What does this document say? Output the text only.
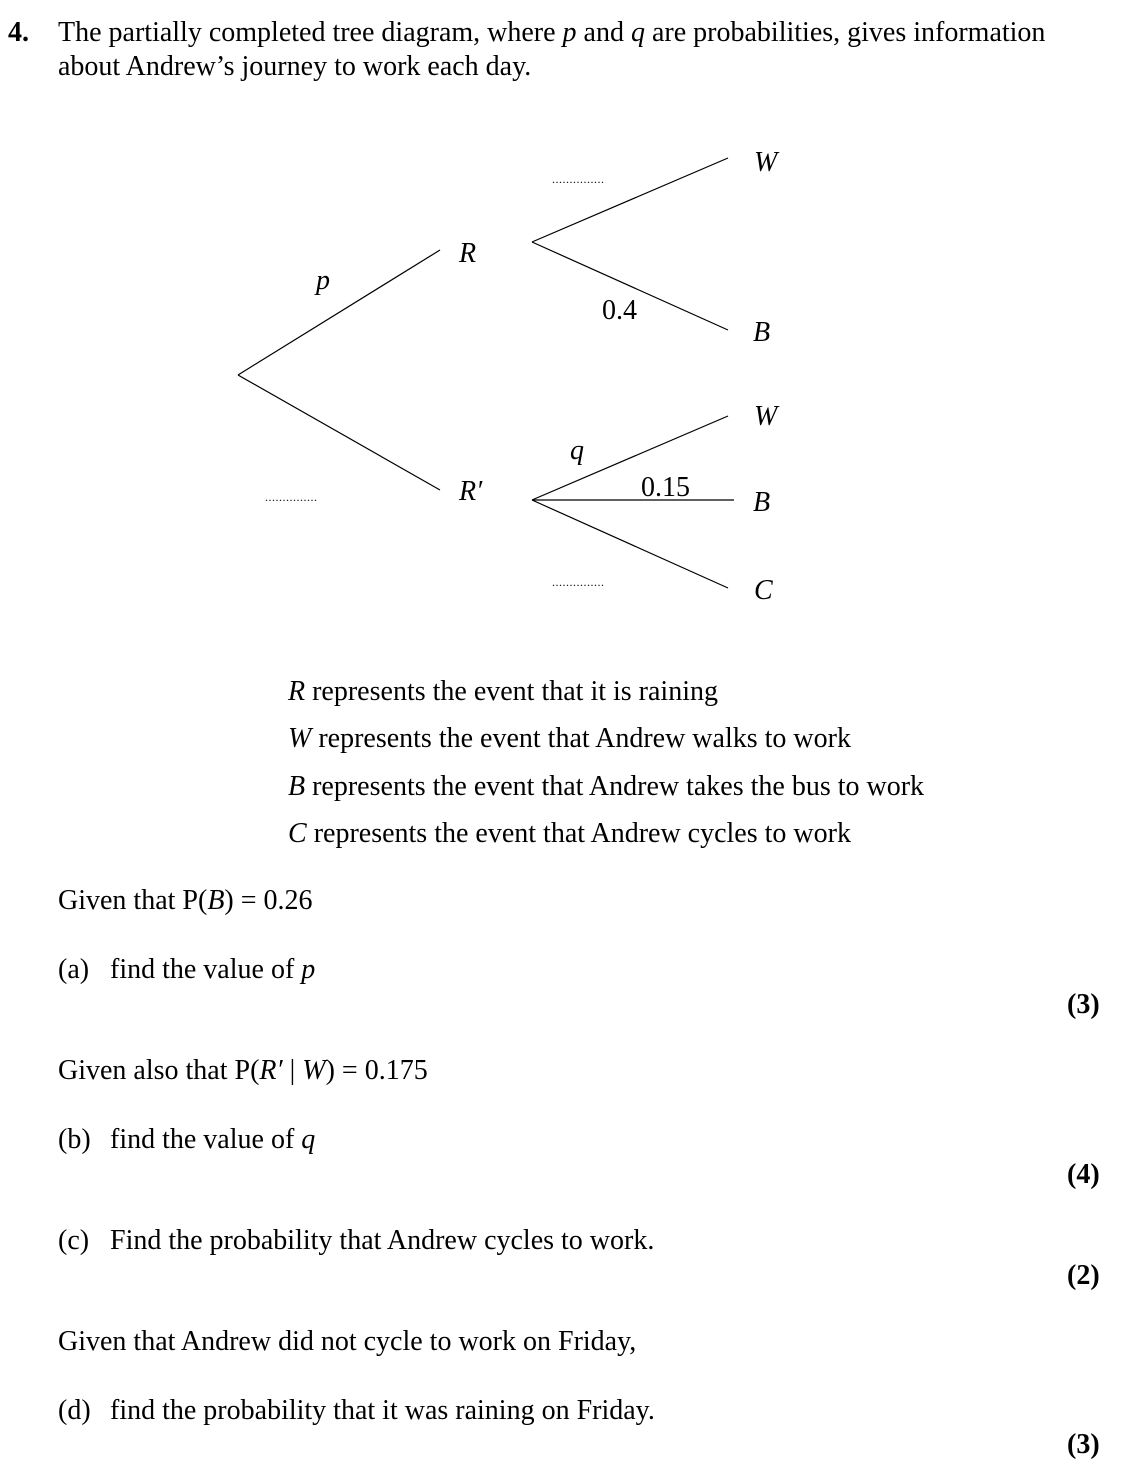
4. The partially completed tree diagram, where p and q are probabilities, gives information
about Andrew’s journey to work each day.
R
R′
W
B
W
B
C
p
0.4
q
0.15
...............
...............
...............
R represents the event that it is raining
W represents the event that Andrew walks to work
B represents the event that Andrew takes the bus to work
C represents the event that Andrew cycles to work
Given that P(B) = 0.26
(a) find the value of p
(3)
Given also that P(R′ | W) = 0.175
(b) find the value of q
(4)
(c) Find the probability that Andrew cycles to work.
(2)
Given that Andrew did not cycle to work on Friday,
(d) find the probability that it was raining on Friday.
(3)
